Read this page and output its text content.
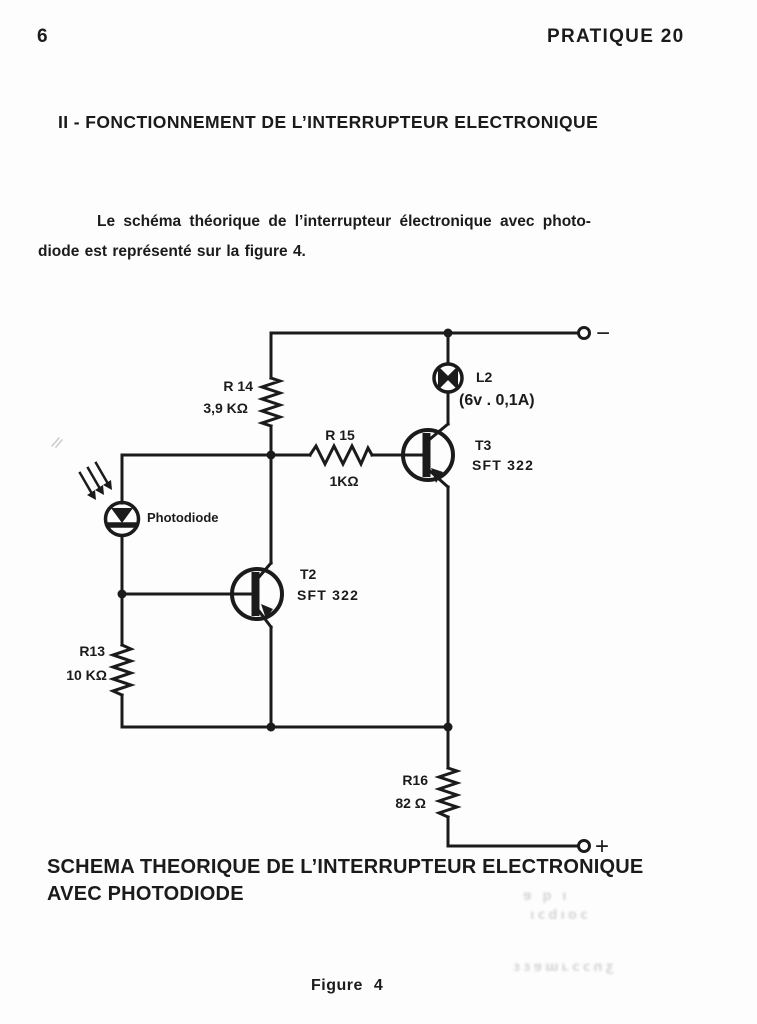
6	PRATIQUE 20
II - FONCTIONNEMENT DE L’INTERRUPTEUR ELECTRONIQUE
Le schéma théorique de l’interrupteur électronique avec photo-
diode est représenté sur la figure 4.
R 14
3,9 KΩ
R 15
1KΩ
R13
10 KΩ
R16
82 Ω
L2
(6v . 0,1A)
T3
SFT 322
T2
SFT 322
Photodiode
−
+
SCHEMA THEORIQUE DE L’INTERRUPTEUR ELECTRONIQUE
AVEC PHOTODIODE	ı q ɐ
ɔoıbɔı
ʒnɔɔɹɯɐɛɛ
Figure 4
